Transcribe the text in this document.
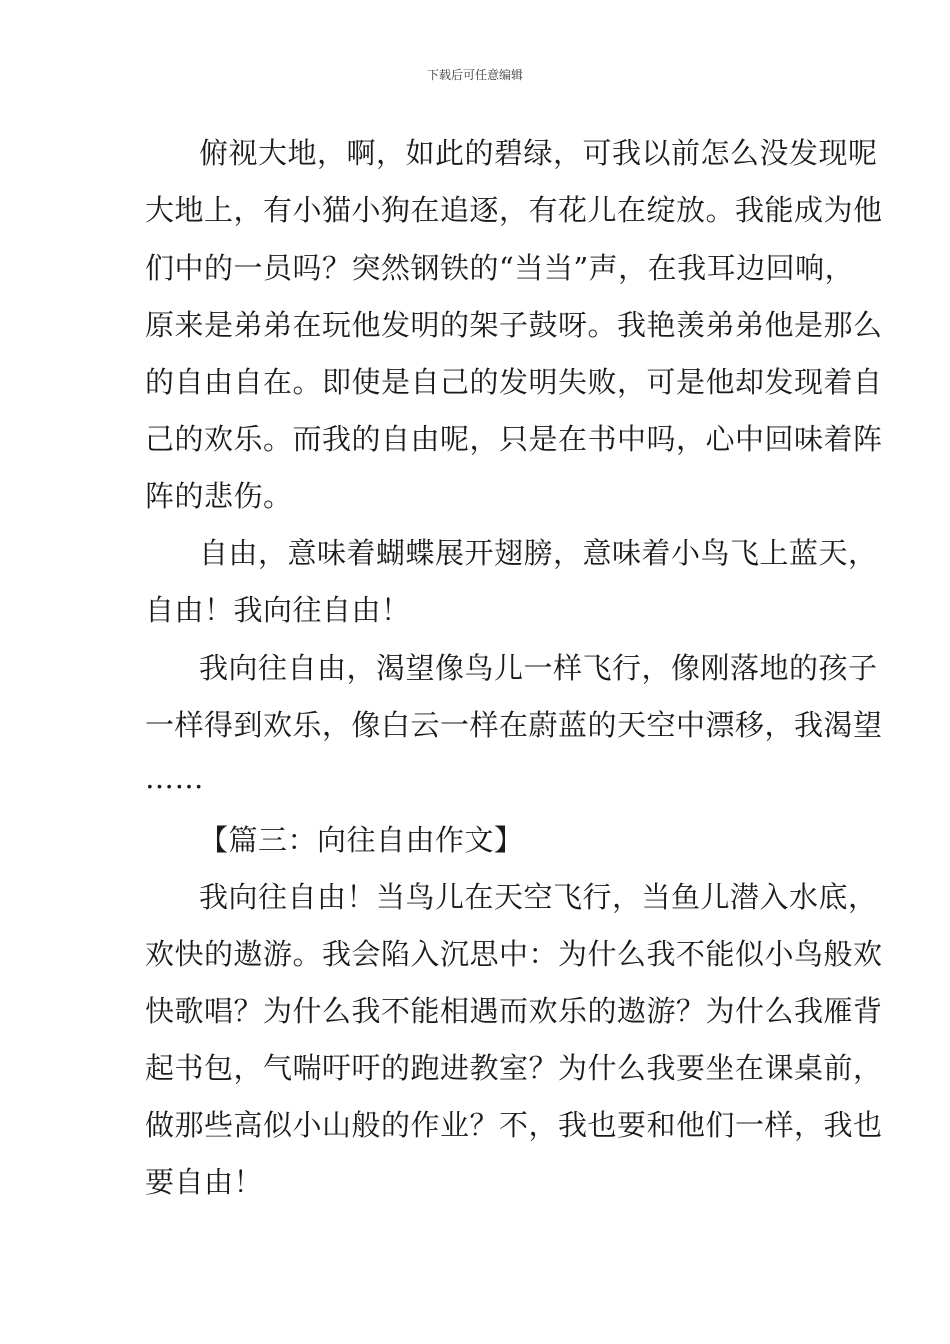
下载后可任意编辑
俯视大地，啊，如此的碧绿，可我以前怎么没发现呢
大地上，有小猫小狗在追逐，有花儿在绽放。我能成为他
们中的一员吗？突然钢铁的“当当”声，在我耳边回响，
原来是弟弟在玩他发明的架子鼓呀。我艳羡弟弟他是那么
的自由自在。即使是自己的发明失败，可是他却发现着自
己的欢乐。而我的自由呢，只是在书中吗，心中回味着阵
阵的悲伤。
自由，意味着蝴蝶展开翅膀，意味着小鸟飞上蓝天，
自由！我向往自由！
我向往自由，渴望像鸟儿一样飞行，像刚落地的孩子
一样得到欢乐，像白云一样在蔚蓝的天空中漂移，我渴望
……
【篇三：向往自由作文】
我向往自由！当鸟儿在天空飞行，当鱼儿潜入水底，
欢快的遨游。我会陷入沉思中：为什么我不能似小鸟般欢
快歌唱？为什么我不能相遇而欢乐的遨游？为什么我雁背
起书包，气喘吁吁的跑进教室？为什么我要坐在课桌前，
做那些高似小山般的作业？不，我也要和他们一样，我也
要自由！
